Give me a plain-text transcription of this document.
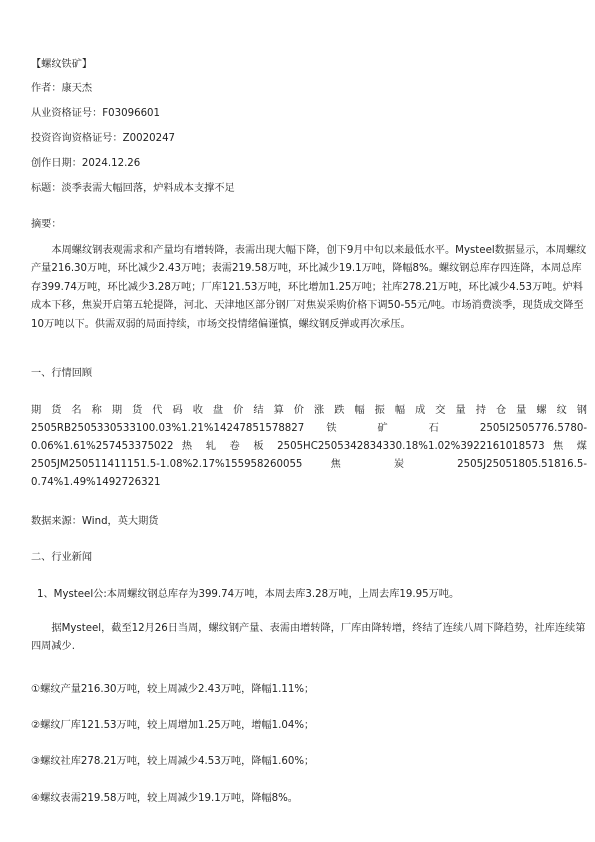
【螺纹铁矿】
作者：康天杰
从业资格证号：F03096601
投资咨询资格证号：Z0020247
创作日期：2024.12.26
标题：淡季表需大幅回落，炉料成本支撑不足
摘要：
本周螺纹钢表观需求和产量均有增转降，表需出现大幅下降，创下9月中旬以来最低水平。Mysteel数据显示，本周螺纹产量216.30万吨，环比减少2.43万吨；表需219.58万吨，环比减少19.1万吨，降幅8%。螺纹钢总库存四连降，本周总库存399.74万吨，环比减少3.28万吨；厂库121.53万吨，环比增加1.25万吨；社库278.21万吨，环比减少4.53万吨。炉料成本下移，焦炭开启第五轮提降，河北、天津地区部分钢厂对焦炭采购价格下调50-55元/吨。市场消费淡季，现货成交降至10万吨以下。供需双弱的局面持续，市场交投情绪偏谨慎，螺纹钢反弹或再次承压。
一、行情回顾
期 货 名 称 期 货 代 码 收 盘 价 结 算 价 涨 跌 幅 振 幅 成 交 量 持 仓 量 螺 纹 钢
2505RB2505330533100.03%1.21%14247851578827 铁 矿 石 2505I2505776.5780-
0.06%1.61%257453375022 热 轧 卷 板 2505HC2505342834330.18%1.02%3922161018573 焦 煤
2505JM250511411151.5-1.08%2.17%155958260055 焦 炭 2505J25051805.51816.5-
0.74%1.49%1492726321
数据来源：Wind，英大期货
二、行业新闻
1、Mysteel公:本周螺纹钢总库存为399.74万吨，本周去库3.28万吨，上周去库19.95万吨。
据Mysteel，截至12月26日当周，螺纹钢产量、表需由增转降，厂库由降转增，终结了连续八周下降趋势，社库连续第四周减少.
①螺纹产量216.30万吨，较上周减少2.43万吨，降幅1.11%；
②螺纹厂库121.53万吨，较上周增加1.25万吨，增幅1.04%；
③螺纹社库278.21万吨，较上周减少4.53万吨，降幅1.60%；
④螺纹表需219.58万吨，较上周减少19.1万吨，降幅8%。
